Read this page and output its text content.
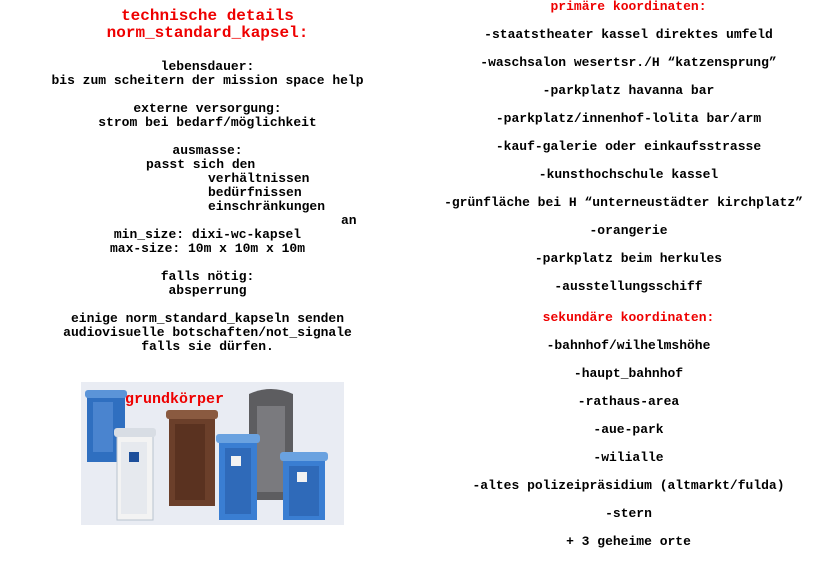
technische details
norm_standard_kapsel:
lebensdauer:
bis zum scheitern der mission space help
externe versorgung:
strom bei bedarf/möglichkeit
ausmasse:
passt sich den
verhältnissen
bedürfnissen
einschränkungen
an
min_size: dixi-wc-kapsel
max-size: 10m x 10m x 10m
falls nötig:
absperrung
einige norm_standard_kapseln senden
audiovisuelle botschaften/not_signale
falls sie dürfen.
grundkörper
primäre koordinaten:
-staatstheater kassel direktes umfeld
-waschsalon wesertsr./H “katzensprung”
-parkplatz havanna bar
-parkplatz/innenhof-lolita bar/arm
-kauf-galerie oder einkaufsstrasse
-kunsthochschule kassel
-grünfläche bei H “unterneustädter kirchplatz”
-orangerie
-parkplatz beim herkules
-ausstellungsschiff
sekundäre koordinaten:
-bahnhof/wilhelmshöhe
-haupt_bahnhof
-rathaus-area
-aue-park
-wilialle
-altes polizeipräsidium (altmarkt/fulda)
-stern
+ 3 geheime orte
